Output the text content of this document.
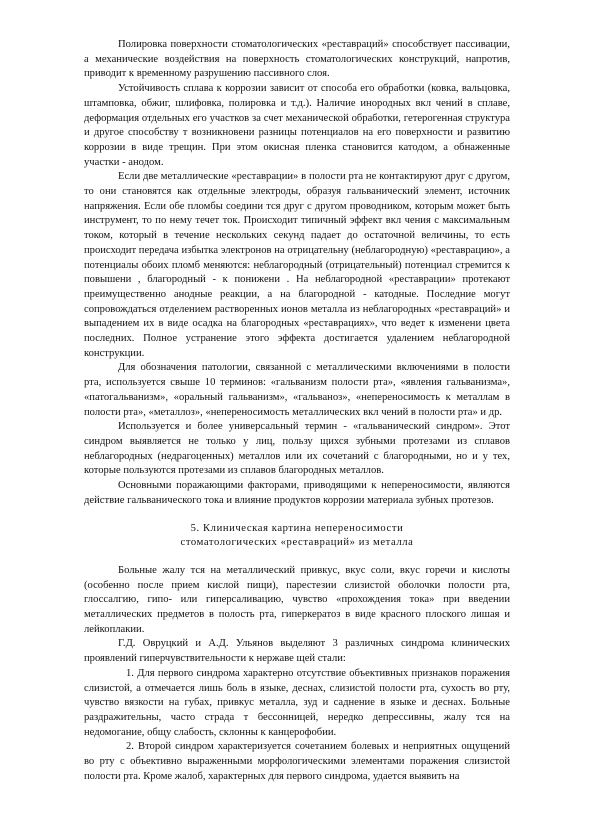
Полировка поверхности стоматологических «реставраций» способствует пассивации, а механические воздействия на поверхность стоматологических конструкций, напротив, приводит к временному разрушению пассивного слоя.

Устойчивость сплава к коррозии зависит от способа его обработки (ковка, вальцовка, штамповка, обжиг, шлифовка, полировка и т.д.). Наличие инородных вкл чений в сплаве, деформация отдельных его участков за счет механической обработки, гетерогенная структура и другое способству т возникновени разницы потенциалов на его поверхности и развитию коррозии в виде трещин. При этом окисная пленка становится катодом, а обнаженные участки - анодом.

Если две металлические «реставрации» в полости рта не контактируют друг с другом, то они становятся как отдельные электроды, образуя гальванический элемент, источник напряжения. Если обе пломбы соедини тся друг с другом проводником, которым может быть инструмент, то по нему течет ток. Происходит типичный эффект вкл чения с максимальным током, который в течение нескольких секунд падает до остаточной величины, то есть происходит передача избытка электронов на отрицательну (неблагородную) «реставрацию», а потенциалы обоих пломб меняются: неблагородный (отрицательный) потенциал стремится к повышени , благородный - к понижени . На неблагородной «реставрации» протекают преимущественно анодные реакции, а на благородной - катодные. Последние могут сопровождаться отделением растворенных ионов металла из неблагородных «реставраций» и выпадением их в виде осадка на благородных «реставрациях», что ведет к изменени цвета последних. Полное устранение этого эффекта достигается удалением неблагородной конструкции.

Для обозначения патологии, связанной с металлическими включениями в полости рта, используется свыше 10 терминов: «гальванизм полости рта», «явления гальванизма», «патогальванизм», «оральный гальванизм», «гальваноз», «непереносимость к металлам в полости рта», «металлоз», «непереносимость металлических вкл чений в полости рта» и др.

Используется и более универсальный термин - «гальванический синдром». Этот синдром выявляется не только у лиц, пользу щихся зубными протезами из сплавов неблагородных (недрагоценных) металлов или их сочетаний с благородными, но и у тех, которые пользуются протезами из сплавов благородных металлов.

Основными поражающими факторами, приводящими к непереносимости, являются действие гальванического тока и влияние продуктов коррозии материала зубных протезов.

5. Клиническая картина непереносимости

стоматологических «реставраций» из металла

Больные жалу тся на металлический привкус, вкус соли, вкус горечи и кислоты (особенно после прием кислой пищи), парестезии слизистой оболочки полости рта, глоссалгию, гипо- или гиперсаливацию, чувство «прохождения тока» при введении металлических предметов в полость рта, гиперкератоз в виде красного плоского лишая и лейкоплакии.

Г.Д. Овруцкий и А.Д. Ульянов выделяют 3 различных синдрома клинических проявлений гиперчувствительности к нержаве щей стали:

1. Для первого синдрома характерно отсутствие объективных признаков поражения слизистой, а отмечается лишь боль в языке, деснах, слизистой полости рта, сухость во рту, чувство вязкости на губах, привкус металла, зуд и саднение в языке и деснах. Больные раздражительны, часто страда т бессонницей, нередко депрессивны, жалу тся на недомогание, общу слабость, склонны к канцерофобии.

2. Второй синдром характеризуется сочетанием болевых и неприятных ощущений во рту с объективно выраженными морфологическими элементами поражения слизистой полости рта. Кроме жалоб, характерных для первого синдрома, удается выявить на
